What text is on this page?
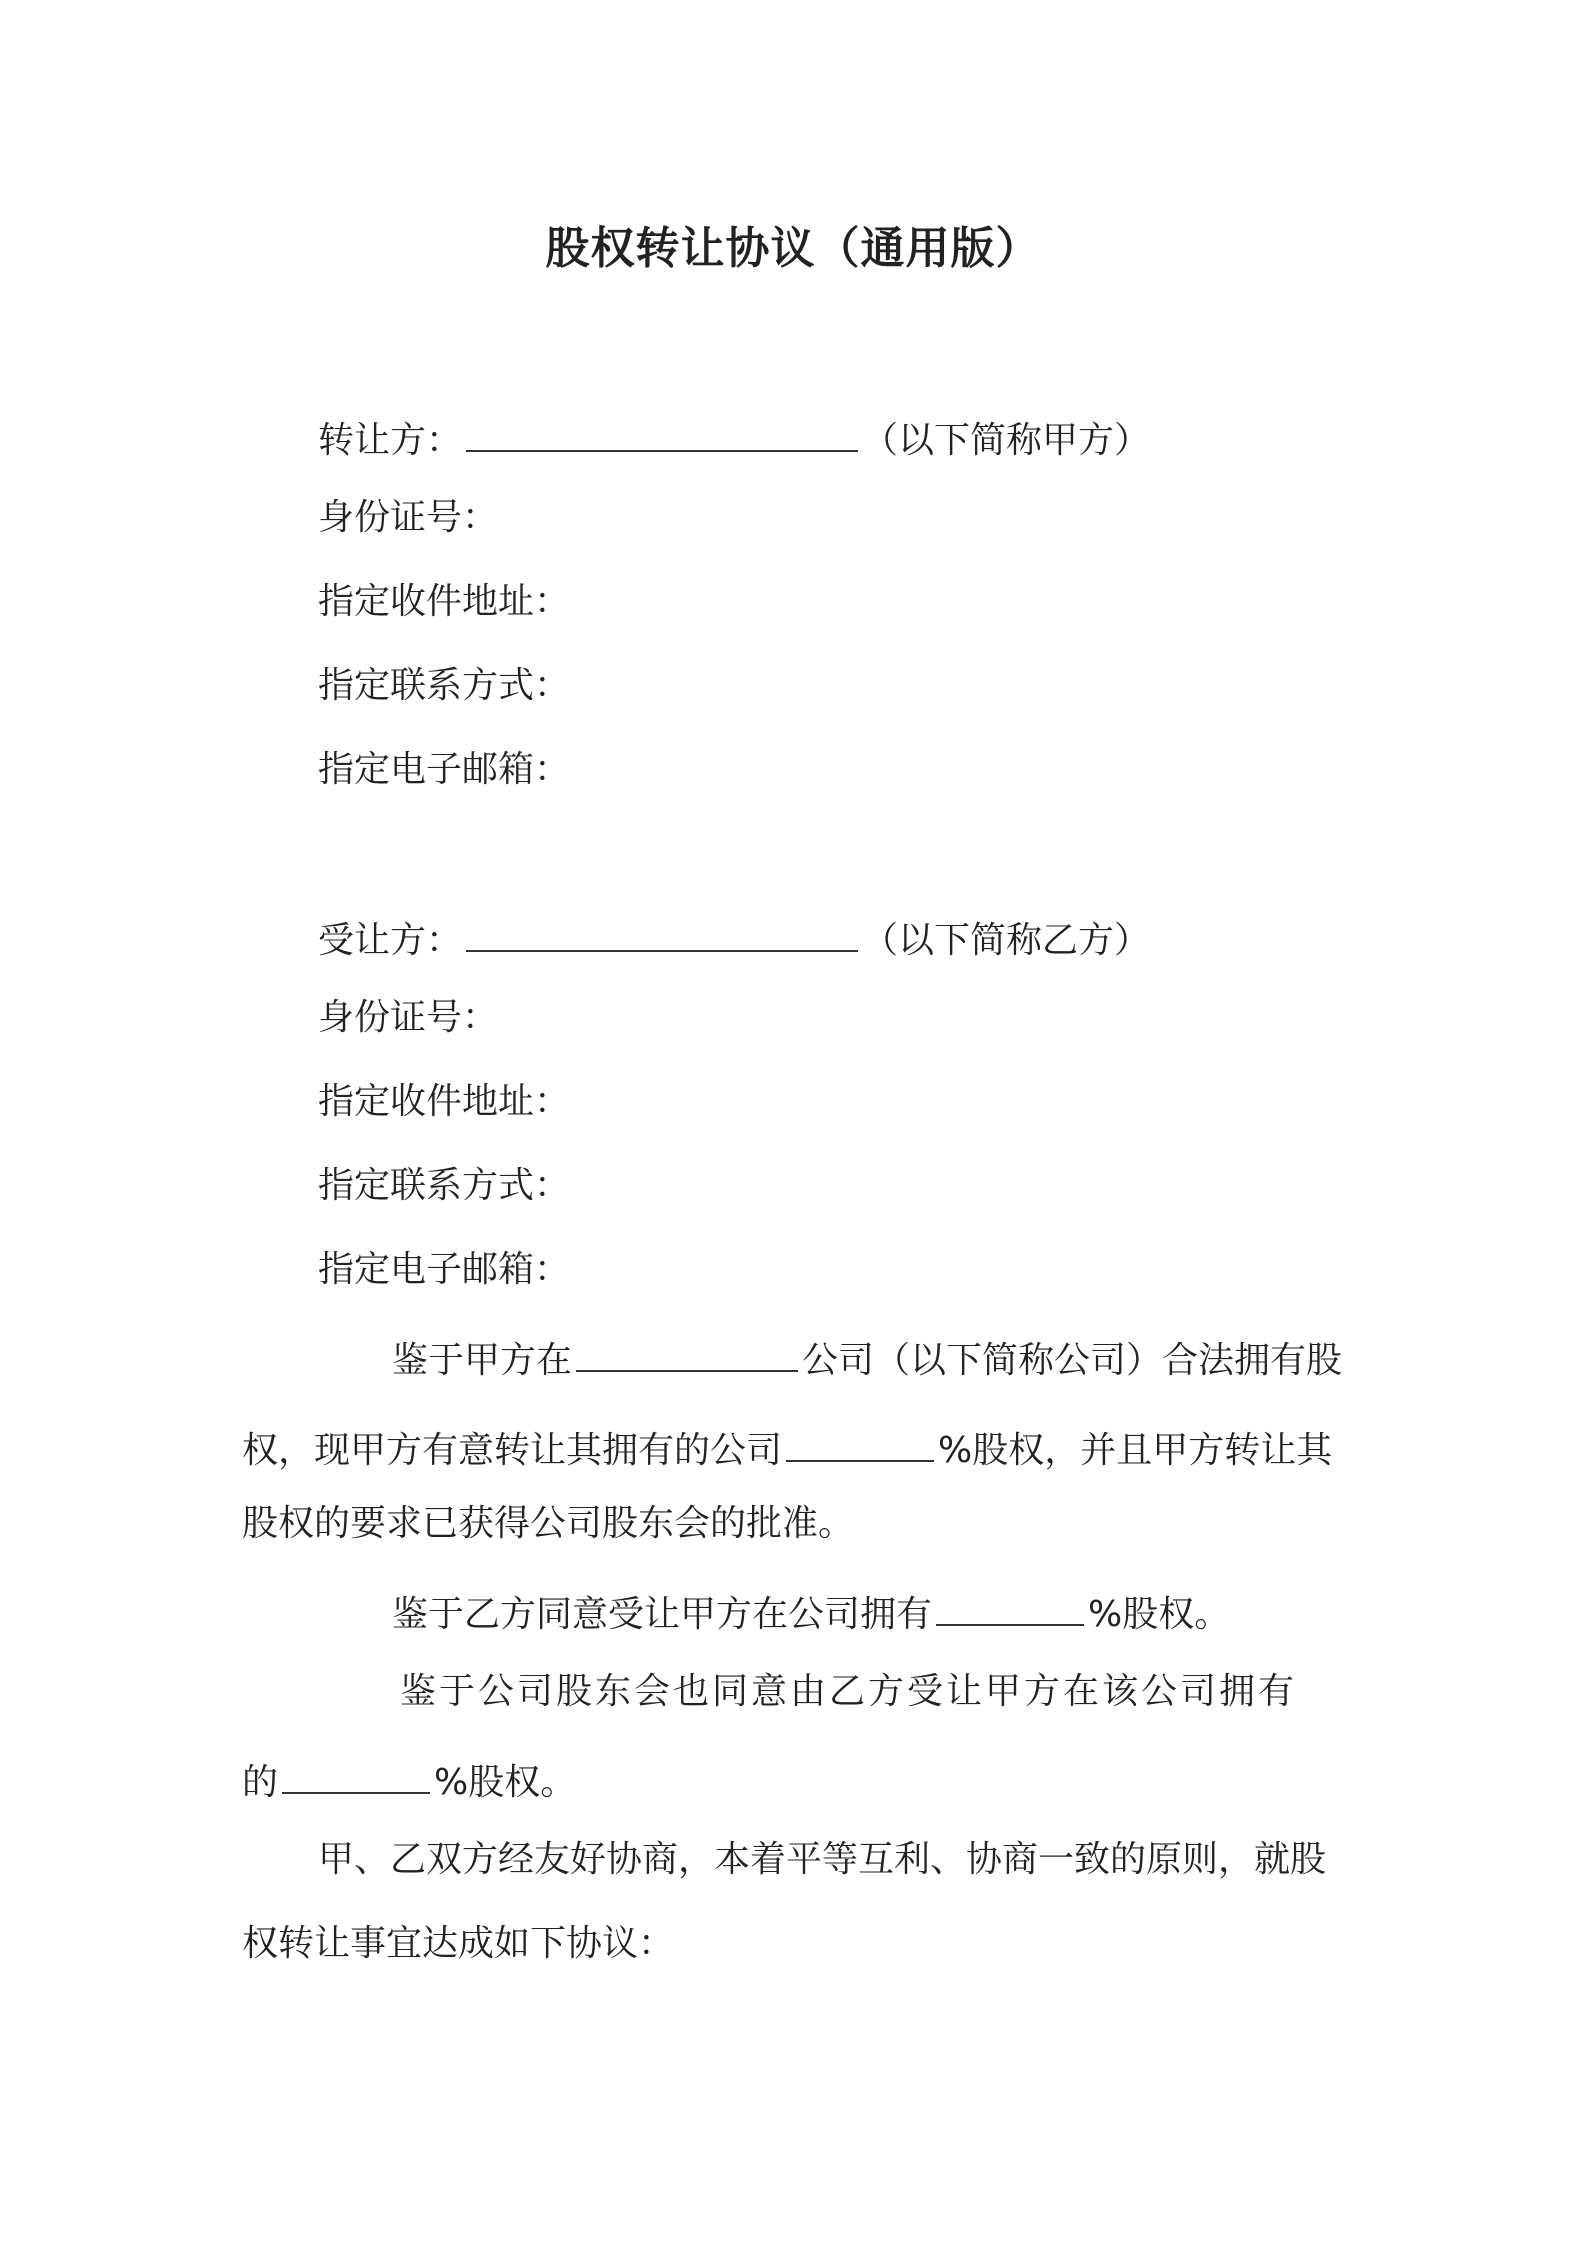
股权转让协议（通用版）
转让方：	（以下简称甲方）
身份证号：
指定收件地址：
指定联系方式：
指定电子邮箱：
受让方：	（以下简称乙方）
身份证号：
指定收件地址：
指定联系方式：
指定电子邮箱：
鉴于甲方在	公司（以下简称公司）合法拥有股
权，现甲方有意转让其拥有的公司	%股权，并且甲方转让其
股权的要求已获得公司股东会的批准。
鉴于乙方同意受让甲方在公司拥有	%股权。
鉴于公司股东会也同意由乙方受让甲方在该公司拥有
的	%股权。
甲、乙双方经友好协商，本着平等互利、协商一致的原则，就股
权转让事宜达成如下协议：
